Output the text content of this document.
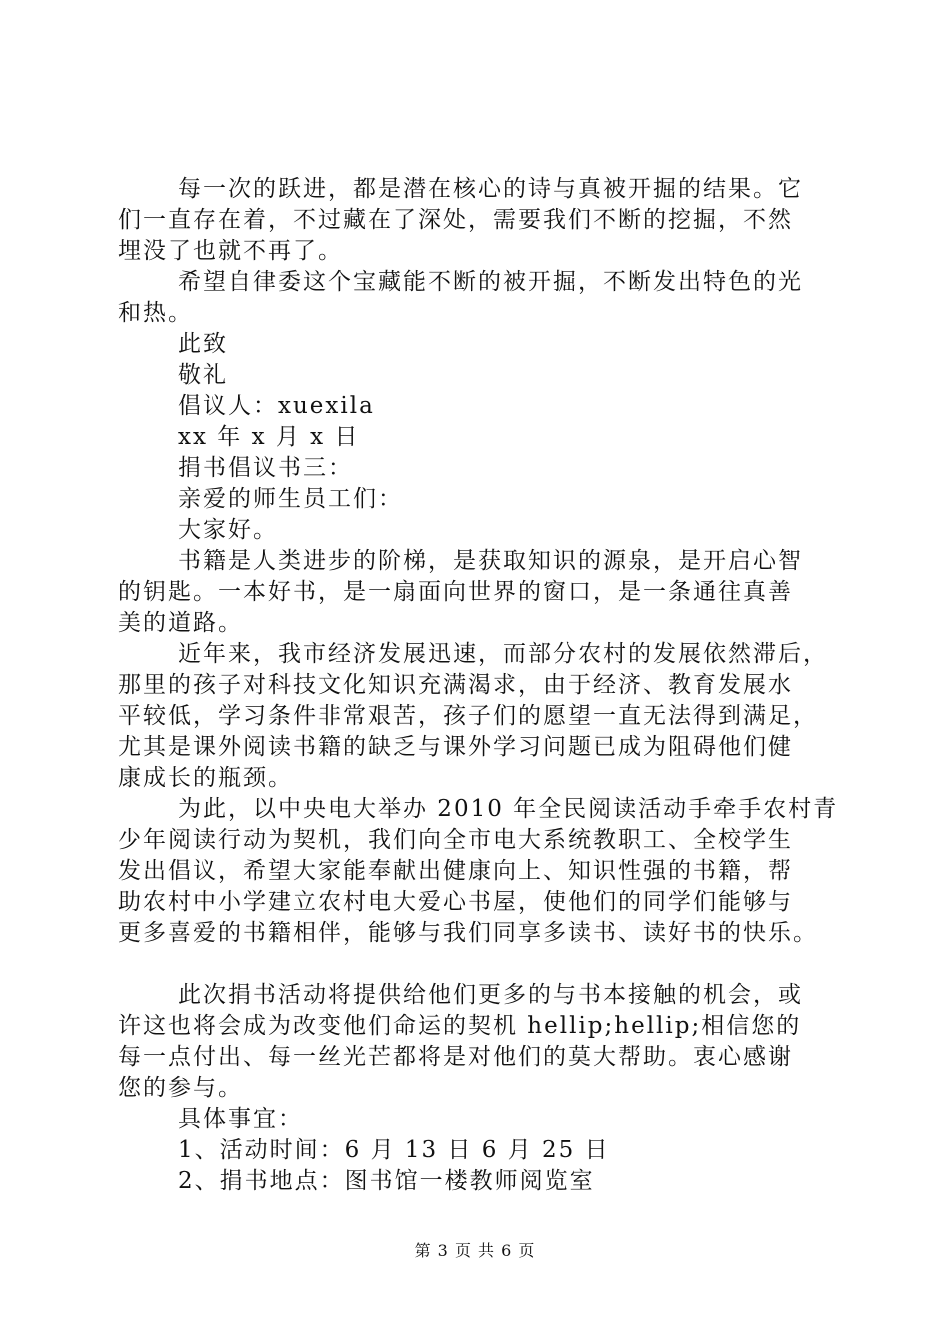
每一次的跃进，都是潜在核心的诗与真被开掘的结果。它
们一直存在着，不过藏在了深处，需要我们不断的挖掘，不然
埋没了也就不再了。
希望自律委这个宝藏能不断的被开掘，不断发出特色的光
和热。
此致
敬礼
倡议人：xuexila
xx 年 x 月 x 日
捐书倡议书三：
亲爱的师生员工们：
大家好。
书籍是人类进步的阶梯，是获取知识的源泉，是开启心智
的钥匙。一本好书，是一扇面向世界的窗口，是一条通往真善
美的道路。
近年来，我市经济发展迅速，而部分农村的发展依然滞后，
那里的孩子对科技文化知识充满渴求，由于经济、教育发展水
平较低，学习条件非常艰苦，孩子们的愿望一直无法得到满足，
尤其是课外阅读书籍的缺乏与课外学习问题已成为阻碍他们健
康成长的瓶颈。
为此，以中央电大举办 2010 年全民阅读活动手牵手农村青
少年阅读行动为契机，我们向全市电大系统教职工、全校学生
发出倡议，希望大家能奉献出健康向上、知识性强的书籍，帮
助农村中小学建立农村电大爱心书屋，使他们的同学们能够与
更多喜爱的书籍相伴，能够与我们同享多读书、读好书的快乐。
此次捐书活动将提供给他们更多的与书本接触的机会，或
许这也将会成为改变他们命运的契机 hellip;hellip;相信您的
每一点付出、每一丝光芒都将是对他们的莫大帮助。衷心感谢
您的参与。
具体事宜：
1、活动时间：6 月 13 日 6 月 25 日
2、捐书地点：图书馆一楼教师阅览室
第 3 页 共 6 页
